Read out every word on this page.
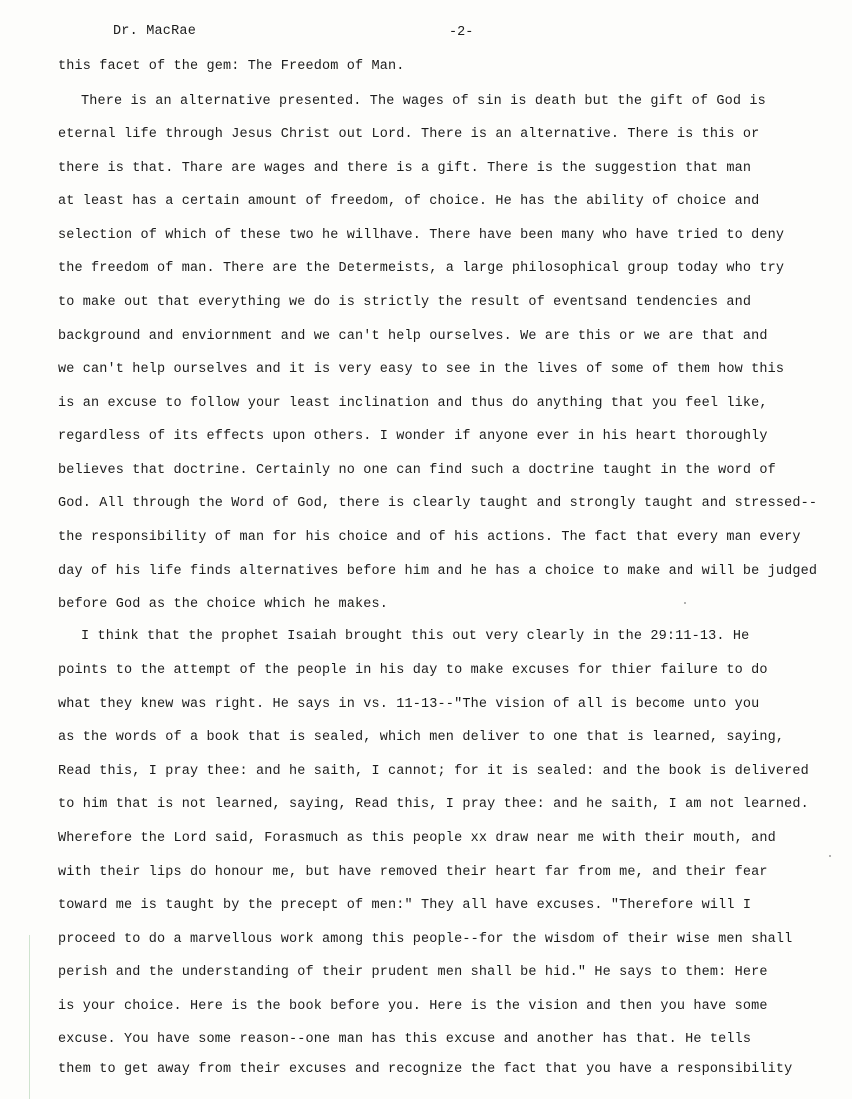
Dr. MacRae	-2-
this facet of the gem: The Freedom of Man.
There is an alternative presented. The wages of sin is death but the gift of God is
eternal life through Jesus Christ out Lord. There is an alternative. There is this or
there is that. Thare are wages and there is a gift. There is the suggestion that man
at least has a certain amount of freedom, of choice. He has the ability of choice and
selection of which of these two he willhave. There have been many who have tried to deny
the freedom of man. There are the Determeists, a large philosophical group today who try
to make out that everything we do is strictly the result of eventsand tendencies and
background and enviornment and we can't help ourselves. We are this or we are that and
we can't help ourselves and it is very easy to see in the lives of some of them how this
is an excuse to follow your least inclination and thus do anything that you feel like,
regardless of its effects upon others. I wonder if anyone ever in his heart thoroughly
believes that doctrine. Certainly no one can find such a doctrine taught in the word of
God. All through the Word of God, there is clearly taught and strongly taught and stressed--
the responsibility of man for his choice and of his actions. The fact that every man every
day of his life finds alternatives before him and he has a choice to make and will be judged
before God as the choice which he makes.
I think that the prophet Isaiah brought this out very clearly in the 29:11-13. He
points to the attempt of the people in his day to make excuses for thier failure to do
what they knew was right. He says in vs. 11-13--"The vision of all is become unto you
as the words of a book that is sealed, which men deliver to one that is learned, saying,
Read this, I pray thee: and he saith, I cannot; for it is sealed: and the book is delivered
to him that is not learned, saying, Read this, I pray thee: and he saith, I am not learned.
Wherefore the Lord said, Forasmuch as this people xx draw near me with their mouth, and
with their lips do honour me, but have removed their heart far from me, and their fear
toward me is taught by the precept of men:" They all have excuses. "Therefore will I
proceed to do a marvellous work among this people--for the wisdom of their wise men shall
perish and the understanding of their prudent men shall be hid." He says to them: Here
is your choice. Here is the book before you. Here is the vision and then you have some
excuse. You have some reason--one man has this excuse and another has that. He tells
them to get away from their excuses and recognize the fact that you have a responsibility
